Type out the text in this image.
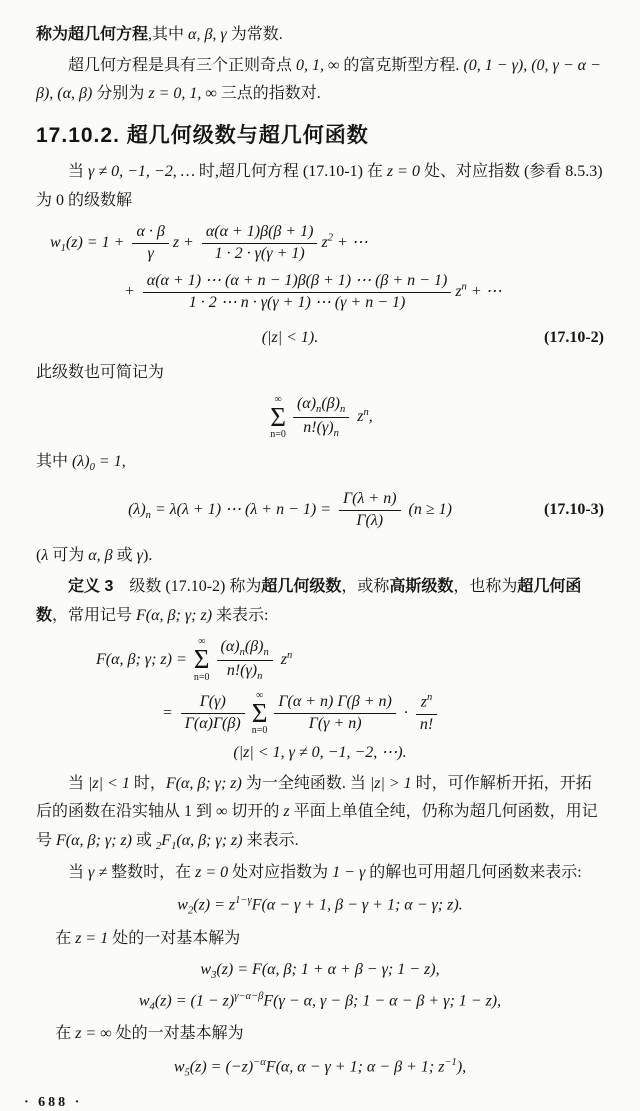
称为超几何方程,其中 α, β, γ 为常数.

超几何方程是具有三个正则奇点 0, 1, ∞ 的富克斯型方程. (0, 1 − γ), (0, γ − α − β), (α, β) 分别为 z = 0, 1, ∞ 三点的指数对.

17.10.2. 超几何级数与超几何函数

当 γ ≠ 0, −1, −2, … 时,超几何方程 (17.10-1) 在 z = 0 处、对应指数 (参看 8.5.3) 为 0 的级数解

$w_1(z) = 1 + \frac{\alpha \cdot \beta}{\gamma}$ $z + \frac{\alpha(\alpha + 1)\beta(\beta + 1)}{1 \cdot 2 \cdot \gamma(\gamma + 1)} z^2$ + ⋯
+ $\frac{\alpha(\alpha + 1) \cdots (\alpha + n - 1)\beta(\beta + 1) \cdots (\beta + n - 1)}{1 \cdot 2 \cdots n \cdot \gamma(\gamma + 1) \cdots (\gamma + n - 1)} z^n$ + ⋯
(|z| < 1).	(17.10-2)

此级数也可简记为

∞
Σ
$n=0 \frac{(\alpha)_n(\beta)_n}{n!(\gamma)_n} z^n$,

其中 $(\lambda)_0 = 1$,

$(\lambda)_n = \lambda(\lambda + 1)$ ⋯ $(\lambda + n - 1) = \frac{\Gamma(\lambda + n)}{\Gamma(\lambda)} (n \ge 1)$	(17.10-3)

(λ 可为 α, β 或 γ).

定义 3　级数 (17.10-2) 称为超几何级数，或称高斯级数，也称为超几何函数，常用记号 F(α, β; γ; z) 来表示:

F(α, β; γ; z) =
∞
Σ
$n=0 \frac{(\alpha)_n(\beta)_n}{n!(\gamma)_n} z^n$
= $\frac{\Gamma(\gamma)}{\Gamma(\alpha)\Gamma(\beta)}$ ∞
Σ
$n=0 \frac{\Gamma(\alpha + n) \Gamma(\beta + n)}{\Gamma(\gamma + n)} \cdot \frac{z^n}{n!}$
(|z| < 1, γ ≠ 0, −1, −2, ⋯).

当 |z| < 1 时，F(α, β; γ; z) 为一全纯函数. 当 |z| > 1 时，可作解析开拓，开拓后的函数在沿实轴从 1 到 ∞ 切开的 z 平面上单值全纯，仍称为超几何函数，用记号 F(α, β; γ; z) 或 $_2F_1(\alpha$, β; γ; z) 来表示.

当 γ ≠ 整数时，在 z = 0 处对应指数为 1 − γ 的解也可用超几何函数来表示:

$w_2(z) = z^{1-\gamma}F(\alpha - \gamma + 1$, β − γ + 1; α − γ; z).

在 z = 1 处的一对基本解为

$w_3(z) = F(\alpha$, β; 1 + α + β − γ; 1 − z),
$w_4(z) = (1 - z)^{\gamma-\alpha-\beta}F(\gamma - \alpha$, γ − β; 1 − α − β + γ; 1 − z),

在 z = ∞ 处的一对基本解为

$w_5(z) = (-z)^{-\alpha}F(\alpha$, α − γ + 1; α − β + 1; $z^{-1}$),
· 688 ·
